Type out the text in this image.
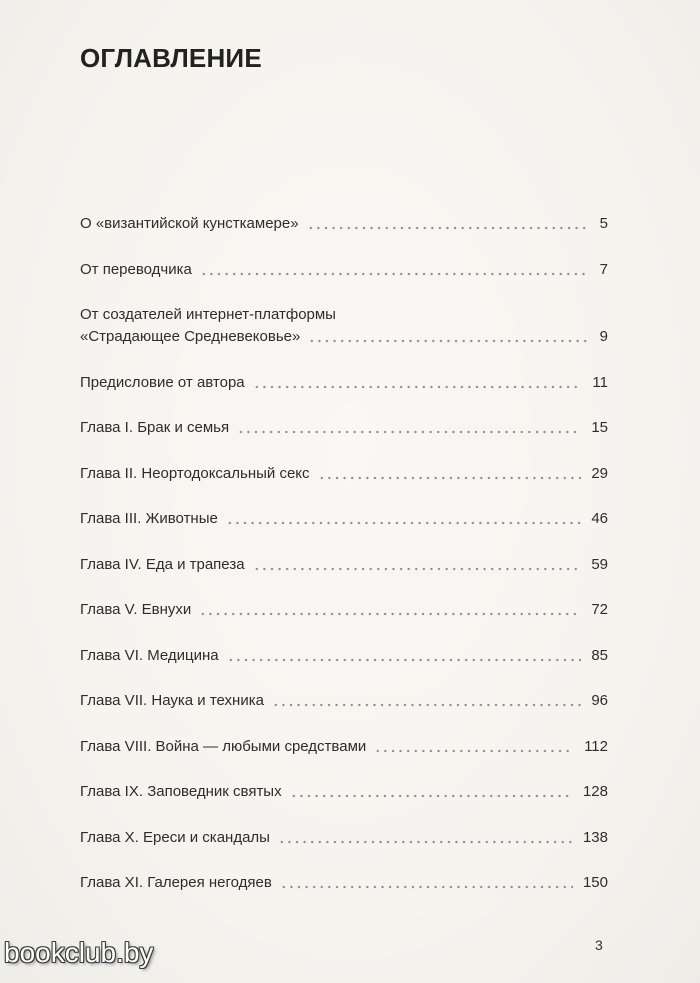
ОГЛАВЛЕНИЕ
О «византийской кунсткамере»	5
От переводчика	7
От создателей интернет-платформы
«Страдающее Средневековье»	9
Предисловие от автора	11
Глава I. Брак и семья	15
Глава II. Неортодоксальный секс	29
Глава III. Животные	46
Глава IV. Еда и трапеза	59
Глава V. Евнухи	72
Глава VI. Медицина	85
Глава VII. Наука и техника	96
Глава VIII. Война — любыми средствами	112
Глава IX. Заповедник святых	128
Глава X. Ереси и скандалы	138
Глава XI. Галерея негодяев	150
bookclub.by	3
